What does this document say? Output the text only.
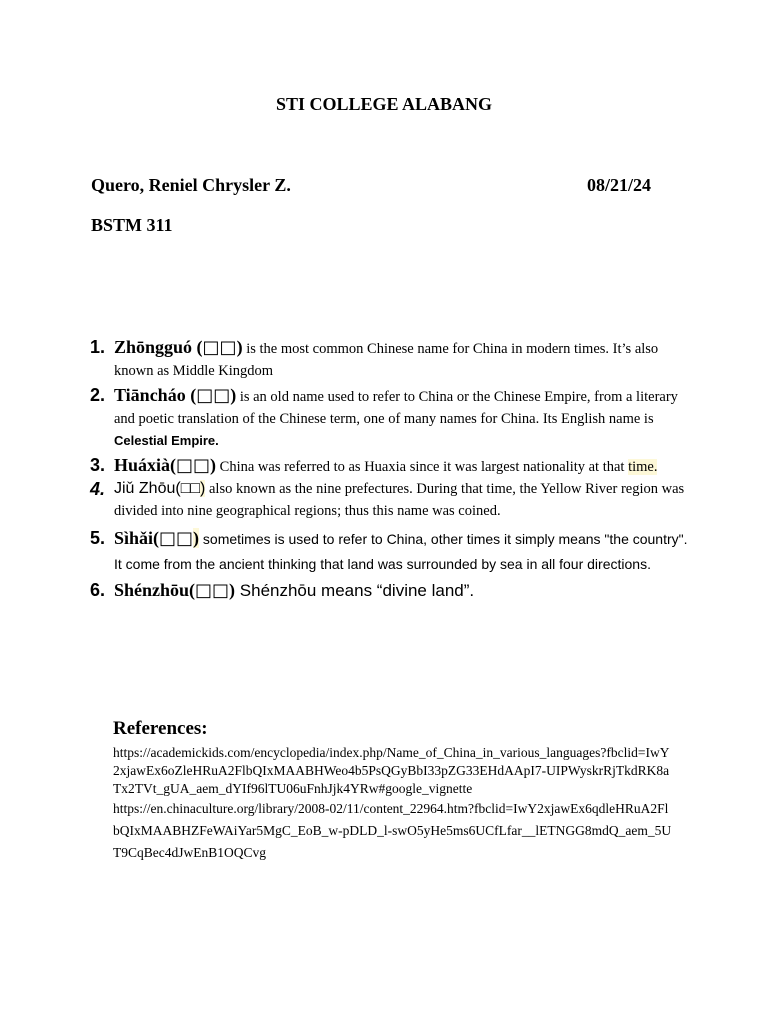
STI COLLEGE ALABANG
Quero, Reniel Chrysler Z.	08/21/24
BSTM 311
1. Zhōngguó (□□) is the most common Chinese name for China in modern times. It’s also known as Middle Kingdom
2. Tiāncháo (□□) is an old name used to refer to China or the Chinese Empire, from a literary and poetic translation of the Chinese term, one of many names for China. Its English name is Celestial Empire.
3. Huáxià(□□) China was referred to as Huaxia since it was largest nationality at that time.
4. Jiǔ Zhōu(□□) also known as the nine prefectures. During that time, the Yellow River region was divided into nine geographical regions; thus this name was coined.
5. Sìhǎi(□□) sometimes is used to refer to China, other times it simply means "the country". It come from the ancient thinking that land was surrounded by sea in all four directions.
6. Shénzhōu(□□) Shénzhōu means “divine land”.
References:
https://academickids.com/encyclopedia/index.php/Name_of_China_in_various_languages?fbclid=IwY2xjawEx6oZleHRuA2FlbQIxMAABHWeo4b5PsQGyBbI33pZG33EHdAApI7-UIPWyskrRjTkdRK8aTx2TVt_gUA_aem_dYIf96lTU06uFnhJjk4YRw#google_vignette
https://en.chinaculture.org/library/2008-02/11/content_22964.htm?fbclid=IwY2xjawEx6qdleHRuA2FlbQIxMAABHZFeWAiYar5MgC_EoB_w-pDLD_l-swO5yHe5ms6UCfLfar__lETNGG8mdQ_aem_5UT9CqBec4dJwEnB1OQCvg
